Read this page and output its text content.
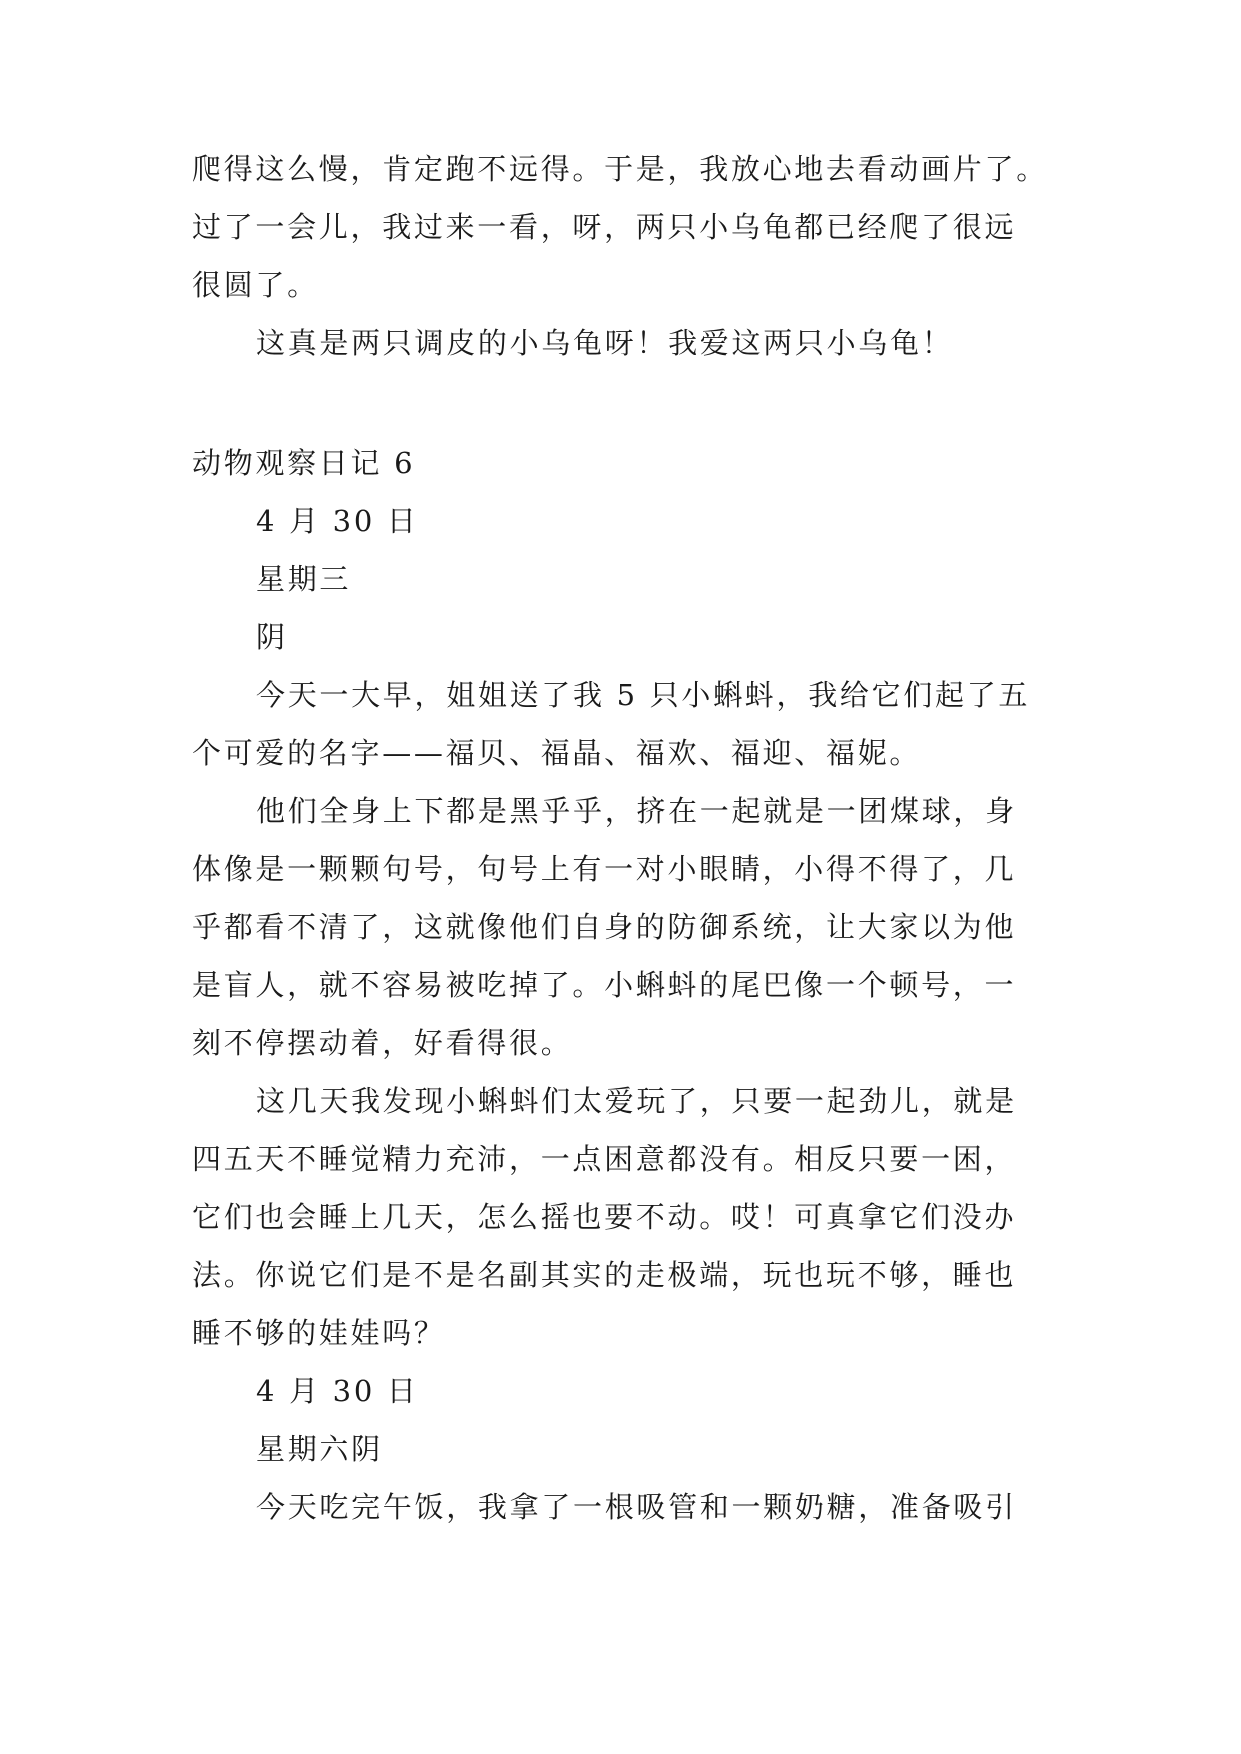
爬得这么慢，肯定跑不远得。于是，我放心地去看动画片了。
过了一会儿，我过来一看，呀，两只小乌龟都已经爬了很远
很圆了。
这真是两只调皮的小乌龟呀！我爱这两只小乌龟！
动物观察日记 6
4 月 30 日
星期三
阴
今天一大早，姐姐送了我 5 只小蝌蚪，我给它们起了五
个可爱的名字——福贝、福晶、福欢、福迎、福妮。
他们全身上下都是黑乎乎，挤在一起就是一团煤球，身
体像是一颗颗句号，句号上有一对小眼睛，小得不得了，几
乎都看不清了，这就像他们自身的防御系统，让大家以为他
是盲人，就不容易被吃掉了。小蝌蚪的尾巴像一个顿号，一
刻不停摆动着，好看得很。
这几天我发现小蝌蚪们太爱玩了，只要一起劲儿，就是
四五天不睡觉精力充沛，一点困意都没有。相反只要一困，
它们也会睡上几天，怎么摇也要不动。哎！可真拿它们没办
法。你说它们是不是名副其实的走极端，玩也玩不够，睡也
睡不够的娃娃吗？
4 月 30 日
星期六阴
今天吃完午饭，我拿了一根吸管和一颗奶糖，准备吸引
